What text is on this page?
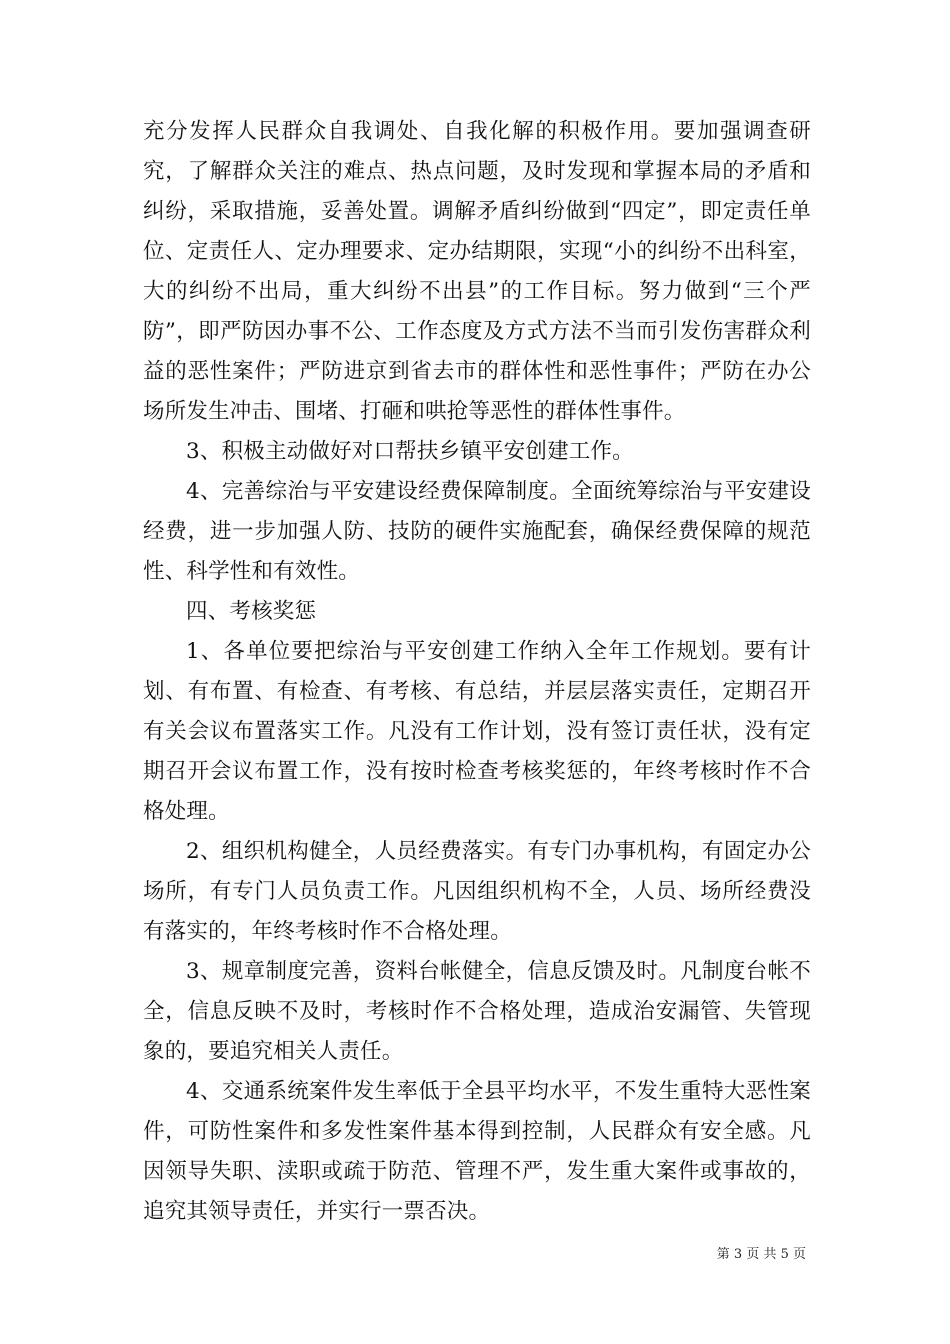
充分发挥人民群众自我调处、自我化解的积极作用。要加强调查研究，了解群众关注的难点、热点问题，及时发现和掌握本局的矛盾和纠纷，采取措施，妥善处置。调解矛盾纠纷做到“四定”，即定责任单位、定责任人、定办理要求、定办结期限，实现“小的纠纷不出科室，大的纠纷不出局，重大纠纷不出县”的工作目标。努力做到“三个严防”，即严防因办事不公、工作态度及方式方法不当而引发伤害群众利益的恶性案件；严防进京到省去市的群体性和恶性事件；严防在办公场所发生冲击、围堵、打砸和哄抢等恶性的群体性事件。

3、积极主动做好对口帮扶乡镇平安创建工作。

4、完善综治与平安建设经费保障制度。全面统筹综治与平安建设经费，进一步加强人防、技防的硬件实施配套，确保经费保障的规范性、科学性和有效性。

四、考核奖惩

1、各单位要把综治与平安创建工作纳入全年工作规划。要有计划、有布置、有检查、有考核、有总结，并层层落实责任，定期召开有关会议布置落实工作。凡没有工作计划，没有签订责任状，没有定期召开会议布置工作，没有按时检查考核奖惩的，年终考核时作不合格处理。

2、组织机构健全，人员经费落实。有专门办事机构，有固定办公场所，有专门人员负责工作。凡因组织机构不全，人员、场所经费没有落实的，年终考核时作不合格处理。

3、规章制度完善，资料台帐健全，信息反馈及时。凡制度台帐不全，信息反映不及时，考核时作不合格处理，造成治安漏管、失管现象的，要追究相关人责任。

4、交通系统案件发生率低于全县平均水平，不发生重特大恶性案件，可防性案件和多发性案件基本得到控制，人民群众有安全感。凡因领导失职、渎职或疏于防范、管理不严，发生重大案件或事故的，追究其领导责任，并实行一票否决。

第 3 页 共 5 页
